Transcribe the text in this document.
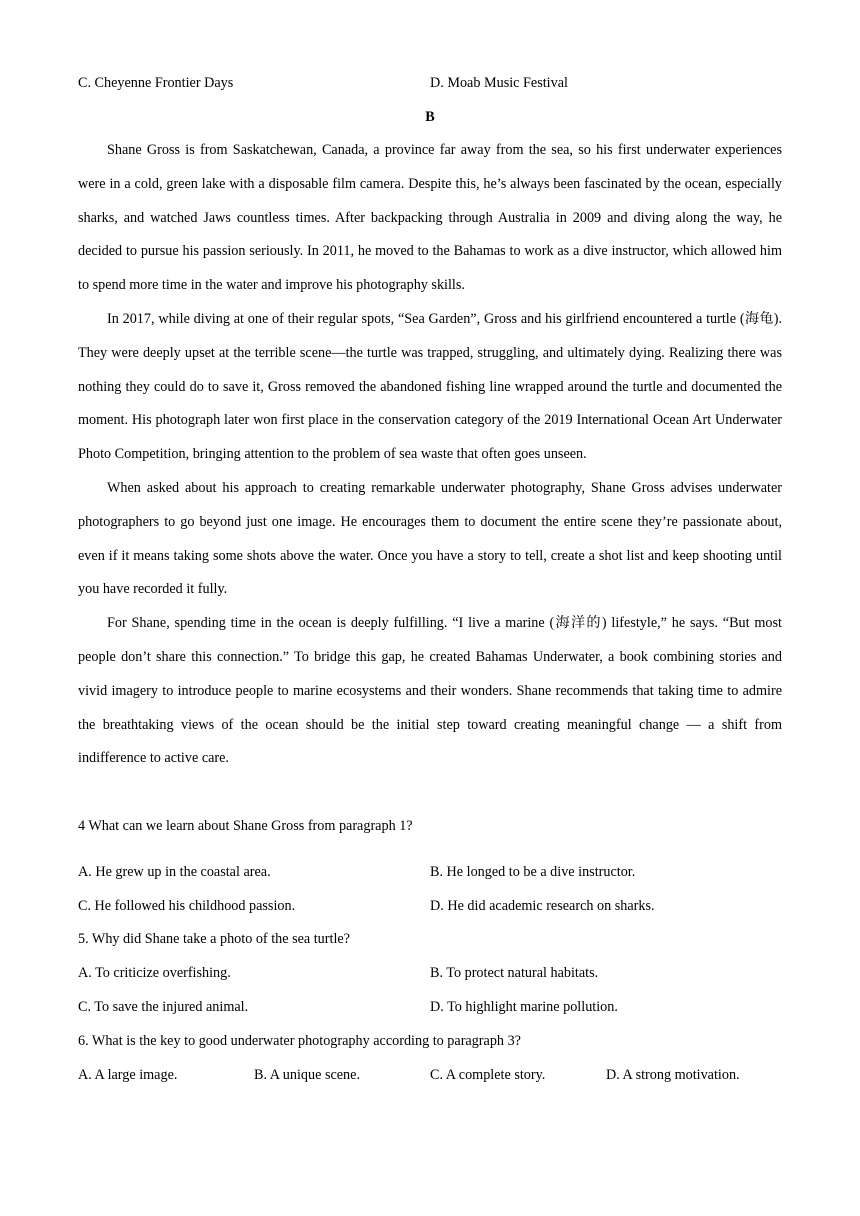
C. Cheyenne Frontier Days	D. Moab Music Festival
B

Shane Gross is from Saskatchewan, Canada, a province far away from the sea, so his first underwater experiences were in a cold, green lake with a disposable film camera. Despite this, he’s always been fascinated by the ocean, especially sharks, and watched Jaws countless times. After backpacking through Australia in 2009 and diving along the way, he decided to pursue his passion seriously. In 2011, he moved to the Bahamas to work as a dive instructor, which allowed him to spend more time in the water and improve his photography skills.

In 2017, while diving at one of their regular spots, “Sea Garden”, Gross and his girlfriend encountered a turtle (海龟). They were deeply upset at the terrible scene—the turtle was trapped, struggling, and ultimately dying. Realizing there was nothing they could do to save it, Gross removed the abandoned fishing line wrapped around the turtle and documented the moment. His photograph later won first place in the conservation category of the 2019 International Ocean Art Underwater Photo Competition, bringing attention to the problem of sea waste that often goes unseen.

When asked about his approach to creating remarkable underwater photography, Shane Gross advises underwater photographers to go beyond just one image. He encourages them to document the entire scene they’re passionate about, even if it means taking some shots above the water. Once you have a story to tell, create a shot list and keep shooting until you have recorded it fully.

For Shane, spending time in the ocean is deeply fulfilling. “I live a marine (海洋的) lifestyle,” he says. “But most people don’t share this connection.” To bridge this gap, he created Bahamas Underwater, a book combining stories and vivid imagery to introduce people to marine ecosystems and their wonders. Shane recommends that taking time to admire the breathtaking views of the ocean should be the initial step toward creating meaningful change — a shift from indifference to active care.

4 What can we learn about Shane Gross from paragraph 1?
A. He grew up in the coastal area.	B. He longed to be a dive instructor.
C. He followed his childhood passion.	D. He did academic research on sharks.
5. Why did Shane take a photo of the sea turtle?
A. To criticize overfishing.	B. To protect natural habitats.
C. To save the injured animal.	D. To highlight marine pollution.
6. What is the key to good underwater photography according to paragraph 3?
A. A large image.	B. A unique scene.	C. A complete story.	D. A strong motivation.
